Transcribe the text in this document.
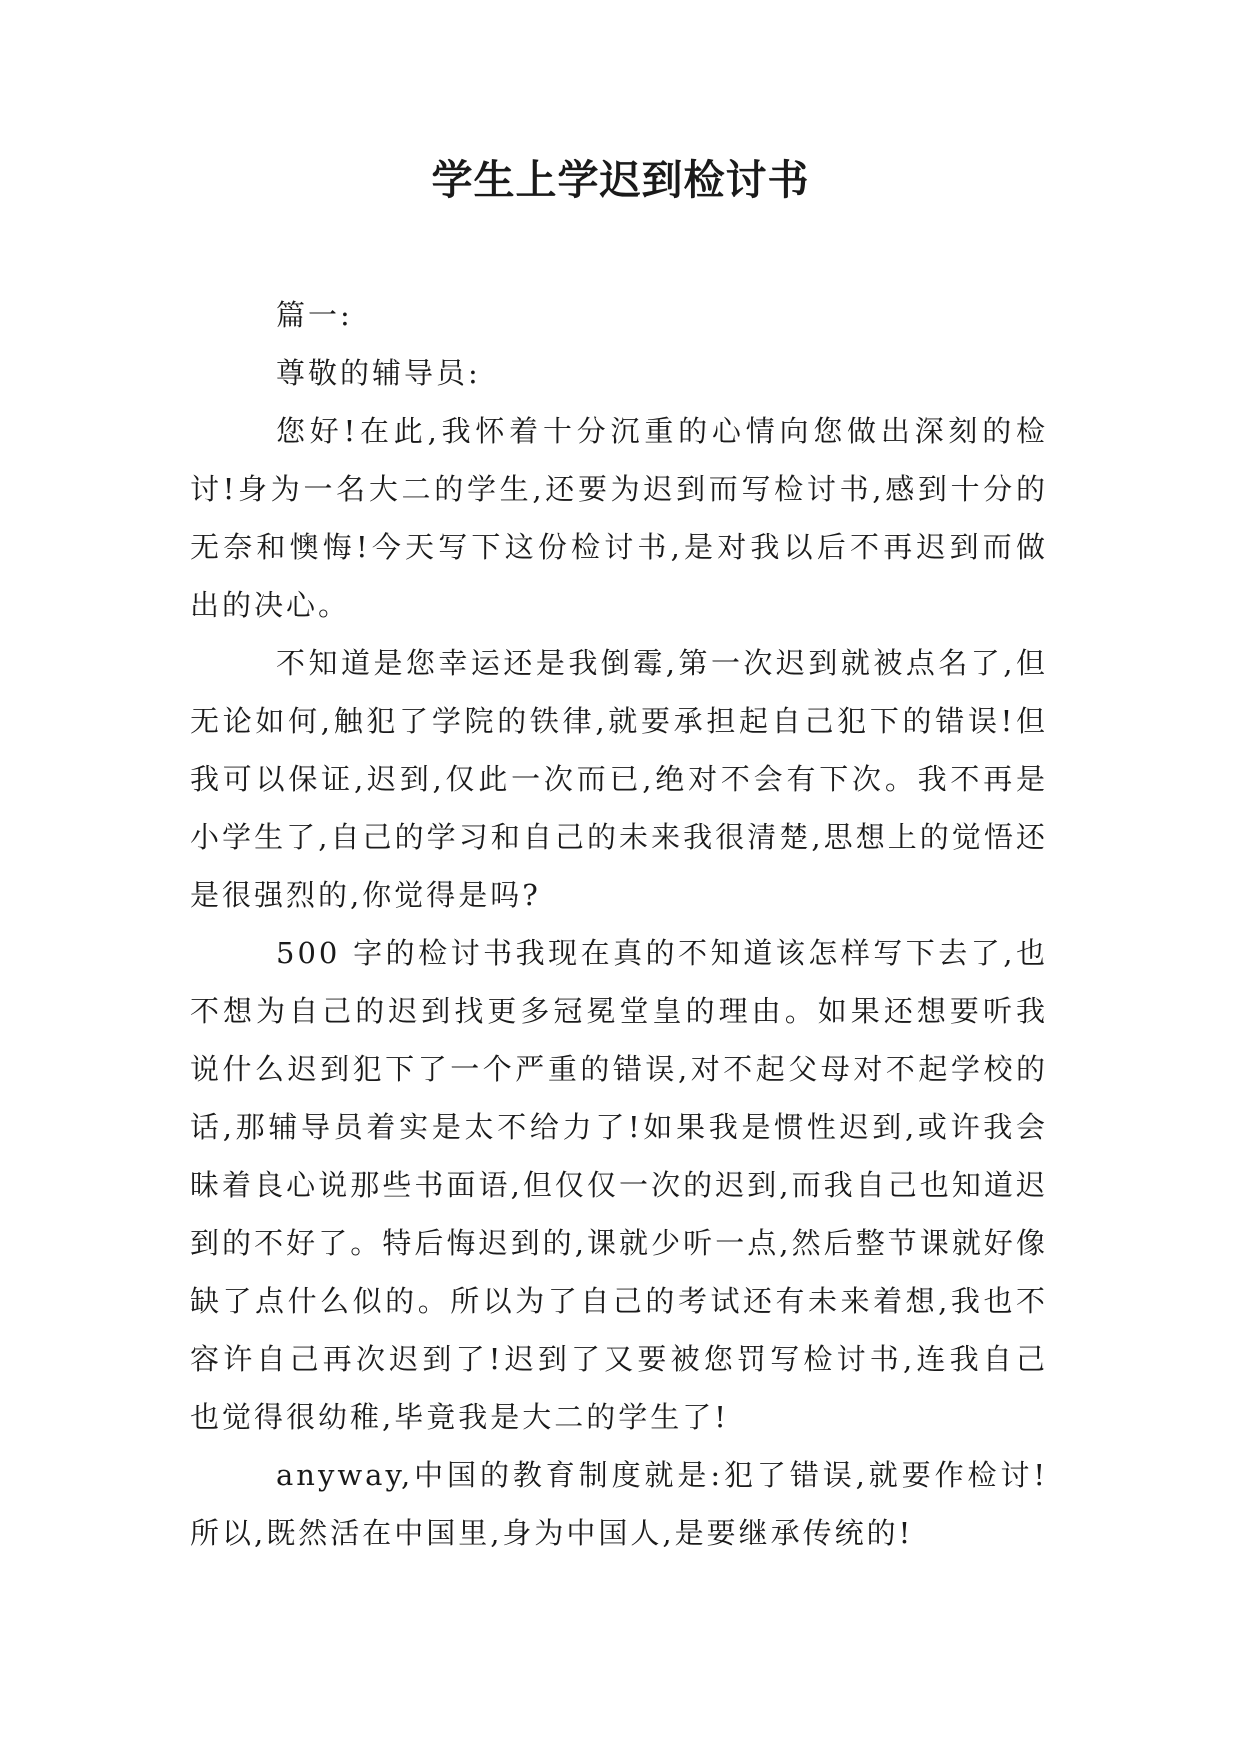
学生上学迟到检讨书

篇一:

尊敬的辅导员:

您好!在此,我怀着十分沉重的心情向您做出深刻的检讨!身为一名大二的学生,还要为迟到而写检讨书,感到十分的无奈和懊悔!今天写下这份检讨书,是对我以后不再迟到而做出的决心。

不知道是您幸运还是我倒霉,第一次迟到就被点名了,但无论如何,触犯了学院的铁律,就要承担起自己犯下的错误!但我可以保证,迟到,仅此一次而已,绝对不会有下次。我不再是小学生了,自己的学习和自己的未来我很清楚,思想上的觉悟还是很强烈的,你觉得是吗?

500 字的检讨书我现在真的不知道该怎样写下去了,也不想为自己的迟到找更多冠冕堂皇的理由。如果还想要听我说什么迟到犯下了一个严重的错误,对不起父母对不起学校的话,那辅导员着实是太不给力了!如果我是惯性迟到,或许我会昧着良心说那些书面语,但仅仅一次的迟到,而我自己也知道迟到的不好了。特后悔迟到的,课就少听一点,然后整节课就好像缺了点什么似的。所以为了自己的考试还有未来着想,我也不容许自己再次迟到了!迟到了又要被您罚写检讨书,连我自己也觉得很幼稚,毕竟我是大二的学生了!

anyway,中国的教育制度就是:犯了错误,就要作检讨!所以,既然活在中国里,身为中国人,是要继承传统的!
